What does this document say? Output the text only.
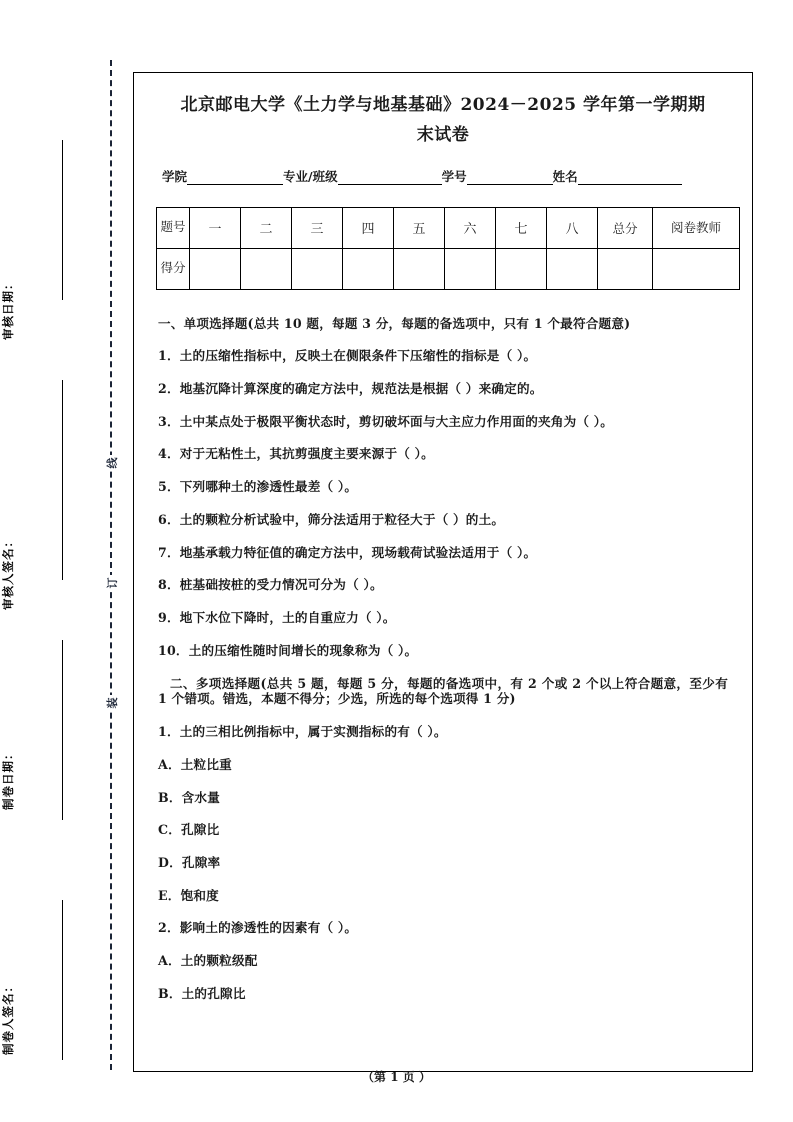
审核日期：
审核人签名：
制卷日期：
制卷人签名：
线
订
装
北京邮电大学《土力学与地基基础》2024－2025 学年第一学期期
末试卷
学院	专业/班级	学号	姓名
题号	一	二	三	四	五	六	七	八	总分	阅卷教师
得分										
一、单项选择题(总共 10 题，每题 3 分，每题的备选项中，只有 1 个最符合题意)
1．土的压缩性指标中，反映土在侧限条件下压缩性的指标是（ ）。
2．地基沉降计算深度的确定方法中，规范法是根据（ ）来确定的。
3．土中某点处于极限平衡状态时，剪切破坏面与大主应力作用面的夹角为（ ）。
4．对于无粘性土，其抗剪强度主要来源于（ ）。
5．下列哪种土的渗透性最差（ ）。
6．土的颗粒分析试验中，筛分法适用于粒径大于（ ）的土。
7．地基承载力特征值的确定方法中，现场载荷试验法适用于（ ）。
8．桩基础按桩的受力情况可分为（ ）。
9．地下水位下降时，土的自重应力（ ）。
10．土的压缩性随时间增长的现象称为（ ）。
二、多项选择题(总共 5 题，每题 5 分，每题的备选项中，有 2 个或 2 个以上符合题意，至少有 1 个错项。错选，本题不得分；少选，所选的每个选项得 1 分)
1．土的三相比例指标中，属于实测指标的有（ ）。
A．土粒比重
B．含水量
C．孔隙比
D．孔隙率
E．饱和度
2．影响土的渗透性的因素有（ ）。
A．土的颗粒级配
B．土的孔隙比
（第 1 页 ）
